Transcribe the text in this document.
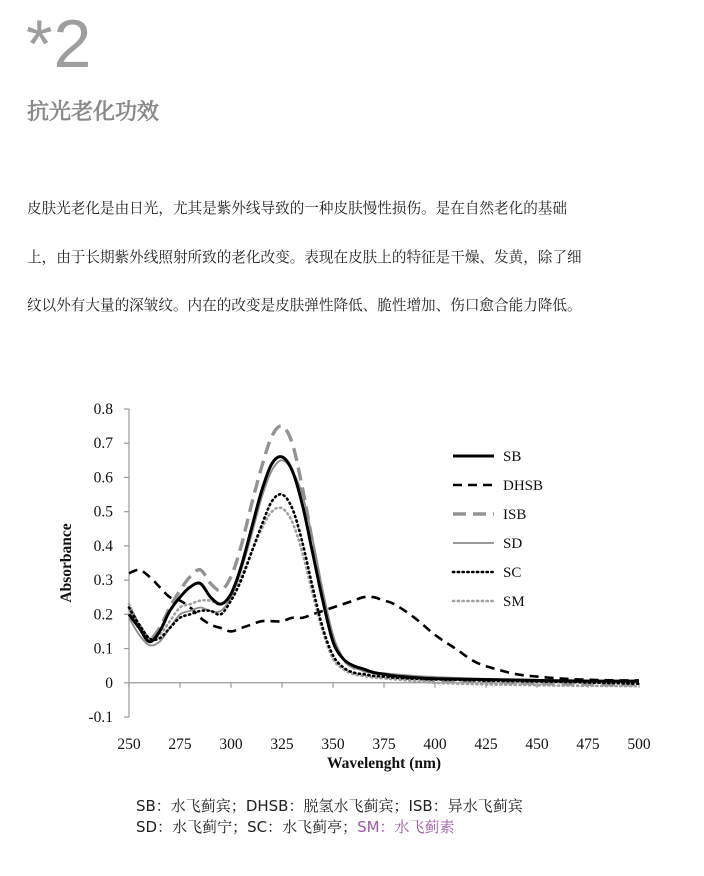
*2
抗光老化功效

皮肤光老化是由日光，尤其是紫外线导致的一种皮肤慢性损伤。是在自然老化的基础

上，由于长期紫外线照射所致的老化改变。表现在皮肤上的特征是干燥、发黄，除了细

纹以外有大量的深皱纹。内在的改变是皮肤弹性降低、脆性增加、伤口愈合能力降低。

0.8
0.7
0.6
0.5
0.4
0.3
0.2
0.1
0
-0.1
250 275 300 325 350 375 400 425 450 475 500
SB
DHSB
ISB
SD
SC
SM
Wavelenght (nm)
Absorbance
SB：水飞蓟宾；DHSB：脱氢水飞蓟宾；ISB：异水飞蓟宾
SD：水飞蓟宁；SC：水飞蓟亭；SM：水飞蓟素
